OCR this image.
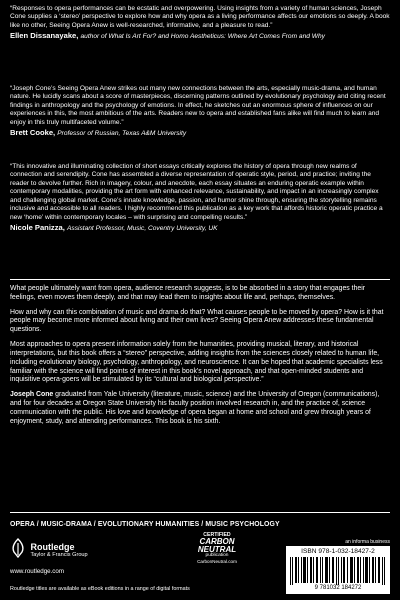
“Responses to opera performances can be ecstatic and overpowering. Using insights from a variety of human sciences, Joseph Cone supplies a ‘stereo’ perspective to explore how and why opera as a living performance affects our emotions so deeply. A book like no other, Seeing Opera Anew is well-researched, informative, and a pleasure to read.”

Ellen Dissanayake, author of What Is Art For? and Homo Aestheticus: Where Art Comes From and Why

“Joseph Cone’s Seeing Opera Anew strikes out many new connections between the arts, especially music-drama, and human nature. He lucidly scans about a score of masterpieces, discerning patterns outlined by evolutionary psychology and citing recent findings in anthropology and the psychology of emotions. In effect, he sketches out an enormous sphere of influences on our experiences in this, the most ambitious of the arts. Readers new to opera and established fans alike will find much to learn and enjoy in this truly multifaceted volume.”

Brett Cooke, Professor of Russian, Texas A&M University

“This innovative and illuminating collection of short essays critically explores the history of opera through new realms of connection and serendipity. Cone has assembled a diverse representation of operatic style, period, and practice; inviting the reader to devolve further. Rich in imagery, colour, and anecdote, each essay situates an enduring operatic example within contemporary modalities, providing the art form with enhanced relevance, sustainability, and impact in an increasingly complex and challenging global market. Cone’s innate knowledge, passion, and humor shine through, ensuring the storytelling remains inclusive and accessible to all readers. I highly recommend this publication as a key work that affords historic operatic practice a new ‘home’ within contemporary locales – with surprising and compelling results.”

Nicole Panizza, Assistant Professor, Music, Coventry University, UK

What people ultimately want from opera, audience research suggests, is to be absorbed in a story that engages their feelings, even moves them deeply, and that may lead them to insights about life and, perhaps, themselves.

How and why can this combination of music and drama do that? What causes people to be moved by opera? How is it that people may become more informed about living and their own lives? Seeing Opera Anew addresses these fundamental questions.

Most approaches to opera present information solely from the humanities, providing musical, literary, and historical interpretations, but this book offers a “stereo” perspective, adding insights from the sciences closely related to human life, including evolutionary biology, psychology, anthropology, and neuroscience. It can be hoped that academic specialists less familiar with the science will find points of interest in this book’s novel approach, and that open-minded students and inquisitive opera-goers will be stimulated by its “cultural and biological perspective.”

Joseph Cone graduated from Yale University (literature, music, science) and the University of Oregon (communications), and for four decades at Oregon State University his faculty position involved research in, and the practice of, science communication with the public. His love and knowledge of opera began at home and school and grew through years of enjoyment, study, and attending performances. This book is his sixth.

OPERA / MUSIC-DRAMA / EVOLUTIONARY HUMANITIES / MUSIC PSYCHOLOGY

Routledge
Taylor & Francis Group
www.routledge.com
Routledge titles are available as eBook editions in a range of digital formats
CERTIFIED
CARBON
NEUTRAL
publication
CarbonNeutral.com
an informa business
ISBN 978-1-032-18427-2
9 781032 184272
